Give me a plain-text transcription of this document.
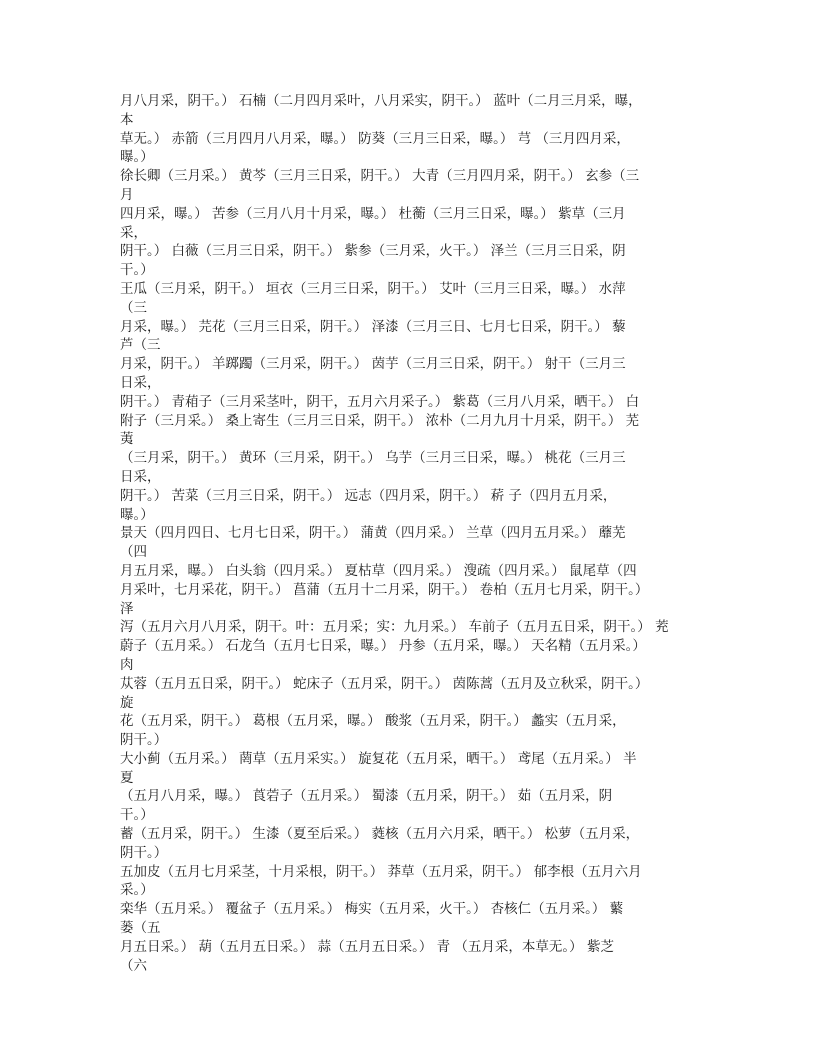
月八月采，阴干。） 石楠（二月四月采叶，八月采实，阴干。） 蓝叶（二月三月采，曝，
本
草无。） 赤箭（三月四月八月采，曝。） 防葵（三月三日采，曝。） 芎 （三月四月采，
曝。）
徐长卿（三月采。） 黄芩（三月三日采，阴干。） 大青（三月四月采，阴干。） 玄参（三
月
四月采，曝。） 苦参（三月八月十月采，曝。） 杜蘅（三月三日采，曝。） 紫草（三月
采，
阴干。） 白薇（三月三日采，阴干。） 紫参（三月采，火干。） 泽兰（三月三日采，阴
干。）
王瓜（三月采，阴干。） 垣衣（三月三日采，阴干。） 艾叶（三月三日采，曝。） 水萍
（三
月采，曝。） 芫花（三月三日采，阴干。） 泽漆（三月三日、七月七日采，阴干。） 藜
芦（三
月采，阴干。） 羊踯躅（三月采，阴干。） 茵芋（三月三日采，阴干。） 射干（三月三
日采，
阴干。） 青葙子（三月采茎叶，阴干，五月六月采子。） 紫葛（三月八月采，晒干。） 白
附子（三月采。） 桑上寄生（三月三日采，阴干。） 浓朴（二月九月十月采，阴干。） 芜
荑
（三月采，阴干。） 黄环（三月采，阴干。） 乌芋（三月三日采，曝。） 桃花（三月三
日采，
阴干。） 苦菜（三月三日采，阴干。） 远志（四月采，阴干。） 菥 子（四月五月采，
曝。）
景天（四月四日、七月七日采，阴干。） 蒲黄（四月采。） 兰草（四月五月采。） 蘼芜
（四
月五月采，曝。） 白头翁（四月采。） 夏枯草（四月采。） 溲疏（四月采。） 鼠尾草（四
月采叶，七月采花，阴干。） 菖蒲（五月十二月采，阴干。） 卷柏（五月七月采，阴干。）
泽
泻（五月六月八月采，阴干。叶：五月采；实：九月采。） 车前子（五月五日采，阴干。） 茺
蔚子（五月采。） 石龙刍（五月七日采，曝。） 丹参（五月采，曝。） 天名精（五月采。）
肉
苁蓉（五月五日采，阴干。） 蛇床子（五月采，阴干。） 茵陈蒿（五月及立秋采，阴干。）
旋
花（五月采，阴干。） 葛根（五月采，曝。） 酸浆（五月采，阴干。） 蠡实（五月采，
阴干。）
大小蓟（五月采。） 菵草（五月采实。） 旋复花（五月采，晒干。） 鸢尾（五月采。） 半
夏
（五月八月采，曝。） 莨菪子（五月采。） 蜀漆（五月采，阴干。） 茹（五月采，阴
干。）
蓄（五月采，阴干。） 生漆（夏至后采。） 蕤核（五月六月采，晒干。） 松萝（五月采，
阴干。）
五加皮（五月七月采茎，十月采根，阴干。） 莽草（五月采，阴干。） 郁李根（五月六月
采。）
栾华（五月采。） 覆盆子（五月采。） 梅实（五月采，火干。） 杏核仁（五月采。） 蘩
蒌（五
月五日采。） 葫（五月五日采。） 蒜（五月五日采。） 青 （五月采，本草无。） 紫芝
（六
